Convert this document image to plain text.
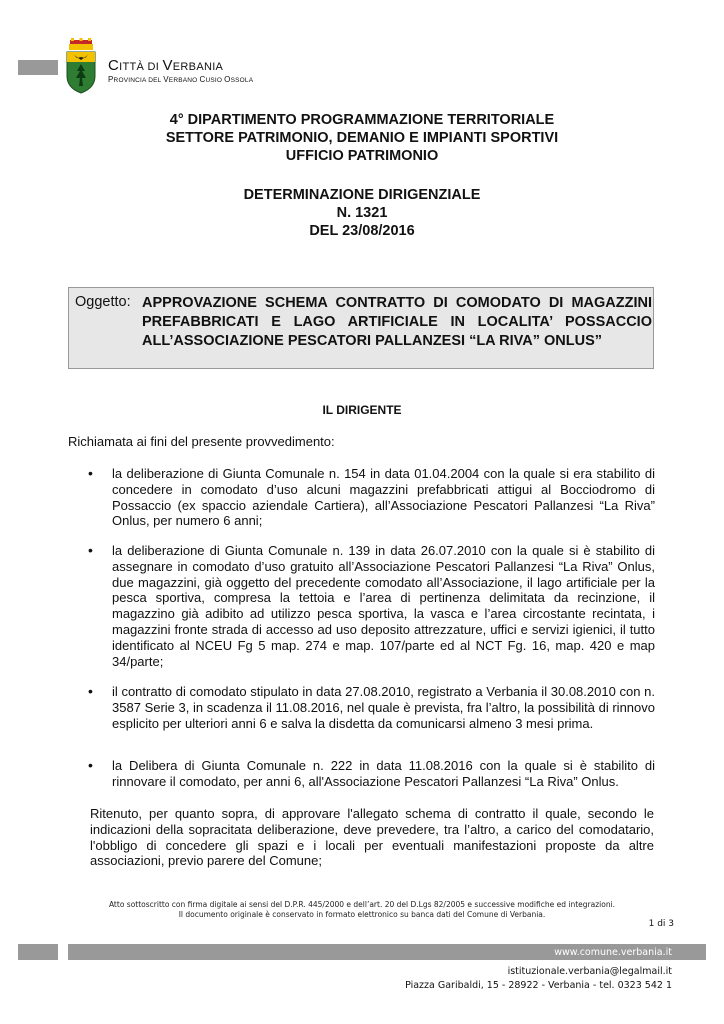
CITTÀ DI VERBANIA
PROVINCIA DEL VERBANO CUSIO OSSOLA
4° DIPARTIMENTO PROGRAMMAZIONE TERRITORIALE
SETTORE PATRIMONIO, DEMANIO E IMPIANTI SPORTIVI
UFFICIO PATRIMONIO
DETERMINAZIONE DIRIGENZIALE
N. 1321
DEL 23/08/2016
Oggetto: APPROVAZIONE SCHEMA CONTRATTO DI COMODATO DI MAGAZZINI PREFABBRICATI E LAGO ARTIFICIALE IN LOCALITA’ POSSACCIO ALL’ASSOCIAZIONE PESCATORI PALLANZESI “LA RIVA” ONLUS”
IL DIRIGENTE
Richiamata ai fini del presente provvedimento:
• la deliberazione di Giunta Comunale n. 154 in data 01.04.2004 con la quale si era stabilito di concedere in comodato d’uso alcuni magazzini prefabbricati attigui al Bocciodromo di Possaccio (ex spaccio aziendale Cartiera), all’Associazione Pescatori Pallanzesi “La Riva” Onlus, per numero 6 anni;
• la deliberazione di Giunta Comunale n. 139 in data 26.07.2010 con la quale si è stabilito di assegnare in comodato d’uso gratuito all’Associazione Pescatori Pallanzesi “La Riva” Onlus, due magazzini, già oggetto del precedente comodato all’Associazione, il lago artificiale per la pesca sportiva, compresa la tettoia e l’area di pertinenza delimitata da recinzione, il magazzino già adibito ad utilizzo pesca sportiva, la vasca e l’area circostante recintata, i magazzini fronte strada di accesso ad uso deposito attrezzature, uffici e servizi igienici, il tutto identificato al NCEU Fg 5 map. 274 e map. 107/parte ed al NCT Fg. 16, map. 420 e map 34/parte;
• il contratto di comodato stipulato in data 27.08.2010, registrato a Verbania il 30.08.2010 con n. 3587 Serie 3, in scadenza il 11.08.2016, nel quale è prevista, fra l’altro, la possibilità di rinnovo esplicito per ulteriori anni 6 e salva la disdetta da comunicarsi almeno 3 mesi prima.
• la Delibera di Giunta Comunale n. 222 in data 11.08.2016 con la quale si è stabilito di rinnovare il comodato, per anni 6, all'Associazione Pescatori Pallanzesi “La Riva” Onlus.
Ritenuto, per quanto sopra, di approvare l'allegato schema di contratto il quale, secondo le indicazioni della sopracitata deliberazione, deve prevedere, tra l’altro, a carico del comodatario, l'obbligo di concedere gli spazi e i locali per eventuali manifestazioni proposte da altre associazioni, previo parere del Comune;
Atto sottoscritto con firma digitale ai sensi del D.P.R. 445/2000 e dell’art. 20 del D.Lgs 82/2005 e successive modifiche ed integrazioni.
Il documento originale è conservato in formato elettronico su banca dati del Comune di Verbania.
1 di 3
www.comune.verbania.it
istituzionale.verbania@legalmail.it
Piazza Garibaldi, 15 - 28922 - Verbania - tel. 0323 542 1
